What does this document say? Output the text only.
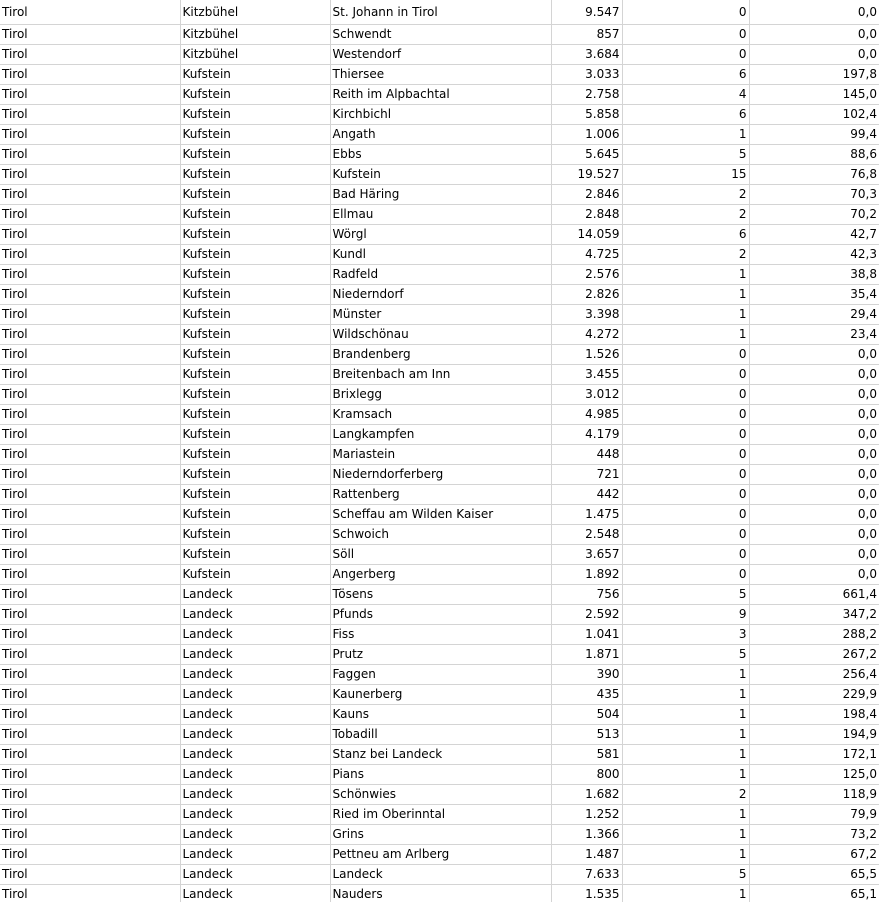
Tirol	Kitzbühel	St. Johann in Tirol	9.547	0	0,0
Tirol	Kitzbühel	Schwendt	857	0	0,0
Tirol	Kitzbühel	Westendorf	3.684	0	0,0
Tirol	Kufstein	Thiersee	3.033	6	197,8
Tirol	Kufstein	Reith im Alpbachtal	2.758	4	145,0
Tirol	Kufstein	Kirchbichl	5.858	6	102,4
Tirol	Kufstein	Angath	1.006	1	99,4
Tirol	Kufstein	Ebbs	5.645	5	88,6
Tirol	Kufstein	Kufstein	19.527	15	76,8
Tirol	Kufstein	Bad Häring	2.846	2	70,3
Tirol	Kufstein	Ellmau	2.848	2	70,2
Tirol	Kufstein	Wörgl	14.059	6	42,7
Tirol	Kufstein	Kundl	4.725	2	42,3
Tirol	Kufstein	Radfeld	2.576	1	38,8
Tirol	Kufstein	Niederndorf	2.826	1	35,4
Tirol	Kufstein	Münster	3.398	1	29,4
Tirol	Kufstein	Wildschönau	4.272	1	23,4
Tirol	Kufstein	Brandenberg	1.526	0	0,0
Tirol	Kufstein	Breitenbach am Inn	3.455	0	0,0
Tirol	Kufstein	Brixlegg	3.012	0	0,0
Tirol	Kufstein	Kramsach	4.985	0	0,0
Tirol	Kufstein	Langkampfen	4.179	0	0,0
Tirol	Kufstein	Mariastein	448	0	0,0
Tirol	Kufstein	Niederndorferberg	721	0	0,0
Tirol	Kufstein	Rattenberg	442	0	0,0
Tirol	Kufstein	Scheffau am Wilden Kaiser	1.475	0	0,0
Tirol	Kufstein	Schwoich	2.548	0	0,0
Tirol	Kufstein	Söll	3.657	0	0,0
Tirol	Kufstein	Angerberg	1.892	0	0,0
Tirol	Landeck	Tösens	756	5	661,4
Tirol	Landeck	Pfunds	2.592	9	347,2
Tirol	Landeck	Fiss	1.041	3	288,2
Tirol	Landeck	Prutz	1.871	5	267,2
Tirol	Landeck	Faggen	390	1	256,4
Tirol	Landeck	Kaunerberg	435	1	229,9
Tirol	Landeck	Kauns	504	1	198,4
Tirol	Landeck	Tobadill	513	1	194,9
Tirol	Landeck	Stanz bei Landeck	581	1	172,1
Tirol	Landeck	Pians	800	1	125,0
Tirol	Landeck	Schönwies	1.682	2	118,9
Tirol	Landeck	Ried im Oberinntal	1.252	1	79,9
Tirol	Landeck	Grins	1.366	1	73,2
Tirol	Landeck	Pettneu am Arlberg	1.487	1	67,2
Tirol	Landeck	Landeck	7.633	5	65,5
Tirol	Landeck	Nauders	1.535	1	65,1
